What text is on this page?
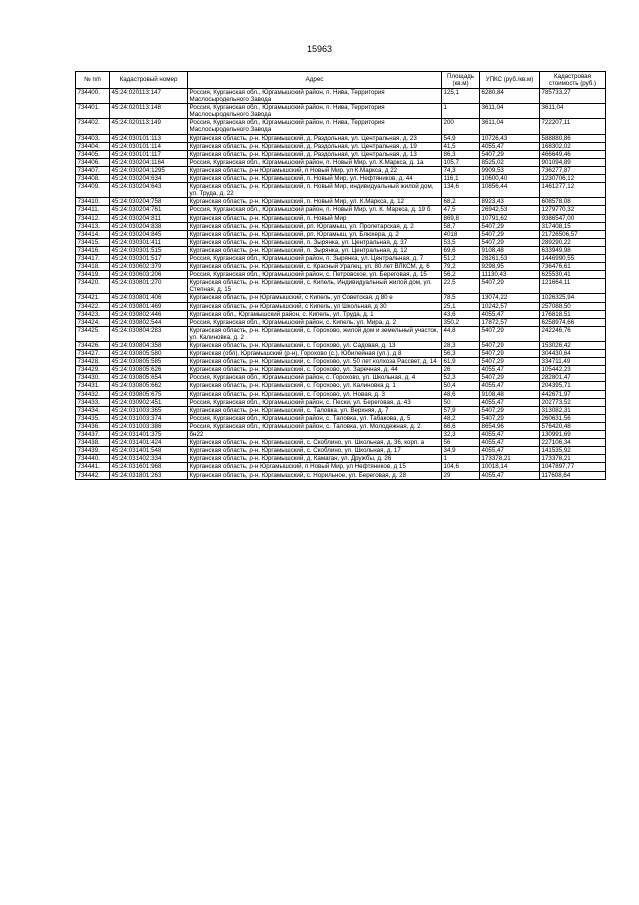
15963
№ п/п	Кадастровый номер	Адрес	Площадь (кв.м)	УПКС (руб./кв.м)	Кадастровая стоимость (руб.)
734400.	45:24:020113:147	Россия, Курганская обл., Юргамышский район, п. Нива, Территория Маслосыродельного Завода	125,1	6280,84	785733,27
734401.	45:24:020113:148	Россия, Курганская обл., Юргамышский район, п. Нива, Территория Маслосыродельного Завода	1	3611,04	3611,04
734402.	45:24:020113:149	Россия, Курганская обл., Юргамышский район, п. Нива, Территория Маслосыродельного Завода	200	3611,04	722207,11
734403.	45:24:030101:113	Курганская область, р-н. Юргамышский, д. Раздольная, ул. Центральная, д. 23	54,9	10726,43	588880,86
734404.	45:24:030101:114	Курганская область, р-н. Юргамышский, д. Раздольная, ул. Центральная, д. 19	41,5	4055,47	168302,02
734405.	45:24:030101:117	Курганская область, р-н. Юргамышский, д. Раздольная, ул. Центральная, д. 13	86,3	5407,29	466649,46
734406.	45:24:030204:1164	Россия, Курганская обл., Юргамышский район, п. Новый Мир, ул. К.Маркса, д. 1а	105,7	8525,02	901094,89
734407.	45:24:030204:1295	Курганская область, р-н Юргамышский, п Новый Мир, ул К.Маркса, д 22	74,3	9909,53	736277,87
734408.	45:24:030204:634	Курганская область, р-н. Юргамышский, п. Новый Мир, ул. Нефтяников, д. 44	116,1	10600,40	1230706,12
734409.	45:24:030204:643	Курганская область, р-н. Юргамышский, п. Новый Мир, индивидуальный жилой дом, ул. Труда, д. 22	134,6	10856,44	1461277,12
734410.	45:24:030204:758	Курганская область, р-н. Юргамышский, п. Новый Мир, ул. К.Маркса, д. 12	68,2	8923,43	608578,08
734411.	45:24:030204:761	Россия, Курганская обл., Юргамышский район, п. Новый Мир, ул. К. Маркса, д. 19 б	47,5	26942,53	1279770,32
734412.	45:24:030204:811	Курганская область, р-н. Юргамышский, п. Новый Мир	869,8	10791,62	9386547,00
734413.	45:24:030204:838	Курганская область, р-н. Юргамышский, рп. Юргамыш, ул. Пролетарская, д. 2	58,7	5407,29	317408,15
734414.	45:24:030204:845	Курганская область, р-н. Юргамышский, рп. Юргамыш, ул. Блюхера, д. 2	4018	5407,29	21726506,57
734415.	45:24:030301:411	Курганская область, р-н. Юргамышский, п. Зырянка, ул. Центральная, д. 37	53,5	5407,29	289290,22
734416.	45:24:030301:515	Курганская область, р-н. Юргамышский, п. Зырянка, ул. Центральная, д. 12	69,6	9108,48	633949,98
734417.	45:24:030301:517	Россия, Курганская обл., Юргамышский район, п. Зырянка, ул. Центральная, д. 7	51,2	28261,53	1446990,55
734418.	45:24:030602:379	Курганская область, р-н. Юргамышский, с. Красный Уралец, ул. 80 лет ВЛКСМ, д. 6	79,2	9298,95	736476,61
734419.	45:24:030603:206	Россия, Курганская обл., Юргамышский район, с. Петровское, ул. Береговая, д. 15	56,2	11130,43	625530,41
734420.	45:24:030801:270	Курганская область, р-н. Юргамышский, с. Кипель, Индивидуальный жилой дом, ул. Степная, д. 15	22,5	5407,29	121664,11
734421.	45:24:030801:406	Курганская область, р-н Юргамышский, с Кипель, ул Советская, д 80 е	78,5	13074,22	1026325,94
734422.	45:24:030801:469	Курганская область, р-н Юргамышский, с Кипель, ул Школьная, д 30	25,1	10242,57	257088,50
734423.	45:24:030802:446	Курганская обл., Юргамышский район, с. Кипель, ул. Труда, д. 1	43,6	4055,47	176818,51
734424.	45:24:030802:544	Россия, Курганская обл., Юргамышский район, с. Кипель, ул. Мира, д. 2	350,2	17872,57	6258974,66
734425.	45:24:030804:283	Курганская область, р-н. Юргамышский, с. Горохово, жилой дом и земельный участок, ул. Калиновка, д. 2	44,8	5407,29	242246,76
734426.	45:24:030804:358	Курганская область, р-н. Юргамышский, с. Горохово, ул. Садовая, д. 13	28,3	5407,29	153026,42
734427.	45:24:030805:580	Курганская (обл), Юргамышский (р-н), Горохово (с.), Юбилейная (ул.), д 8	56,3	5407,29	304430,64
734428.	45:24:030805:585	Курганская область, р-н. Юргамышский, с. Горохово, ул. 50 лет колхоза Рассвет, д. 14	61,9	5407,29	334711,49
734429.	45:24:030805:626	Курганская область, р-н. Юргамышский, с. Горохово, ул. Заречная, д. 44	26	4055,47	105442,23
734430.	45:24:030805:654	Россия, Курганская обл., Юргамышский район, с. Горохово, ул. Школьная, д. 4	52,3	5407,29	282801,47
734431.	45:24:030805:662	Курганская область, р-н. Юргамышский, с. Горохово, ул. Калиновка д. 1	50,4	4055,47	204395,71
734432.	45:24:030805:675	Курганская область, р-н. Юргамышский, с. Горохово, ул. Новая, д. 3	48,6	9108,48	442671,97
734433.	45:24:030902:451	Россия, Курганская обл., Юргамышский район, с. Пески, ул. Береговая, д. 43	50	4055,47	202773,52
734434.	45:24:031003:365	Курганская область, р-н. Юргамышский, с. Таловка, ул. Верхняя, д. 7	57,9	5407,29	313082,31
734435.	45:24:031003:374	Россия, Курганская обл., Юргамышский район, с. Таловка, ул. Табакова, д. 5	48,2	5407,29	260631,56
734436.	45:24:031003:386	Россия, Курганская обл., Юргамышский район, с. Таловка, ул. Молодежная, д. 2	66,6	8654,96	576420,48
734437.	45:24:031401:375	бн22	32,3	4055,47	130991,69
734438.	45:24:031401:424	Курганская область, р-н. Юргамышский, с. Скоблино, ул. Школьная, д. 36, корп. а	56	4055,47	227106,34
734439.	45:24:031401:548	Курганская область, р-н. Юргамышский, с. Скоблино, ул. Школьная, д. 17	34,9	4055,47	141535,92
734440.	45:24:031402:334	Курганская область, р-н. Юргамышский, д. Камаган, ул. Дружбы, д. 26	1	173378,21	173378,21
734441.	45:24:031601:968	Курганская область, р-н Юргамышский, п Новый Мир, ул Нефтяников, д 15	104,6	10018,14	1047897,77
734442.	45:24:031801:263	Курганская область, р-н. Юргамышский, с. Норильное, ул. Береговая, д. 28	29	4055,47	117608,64
